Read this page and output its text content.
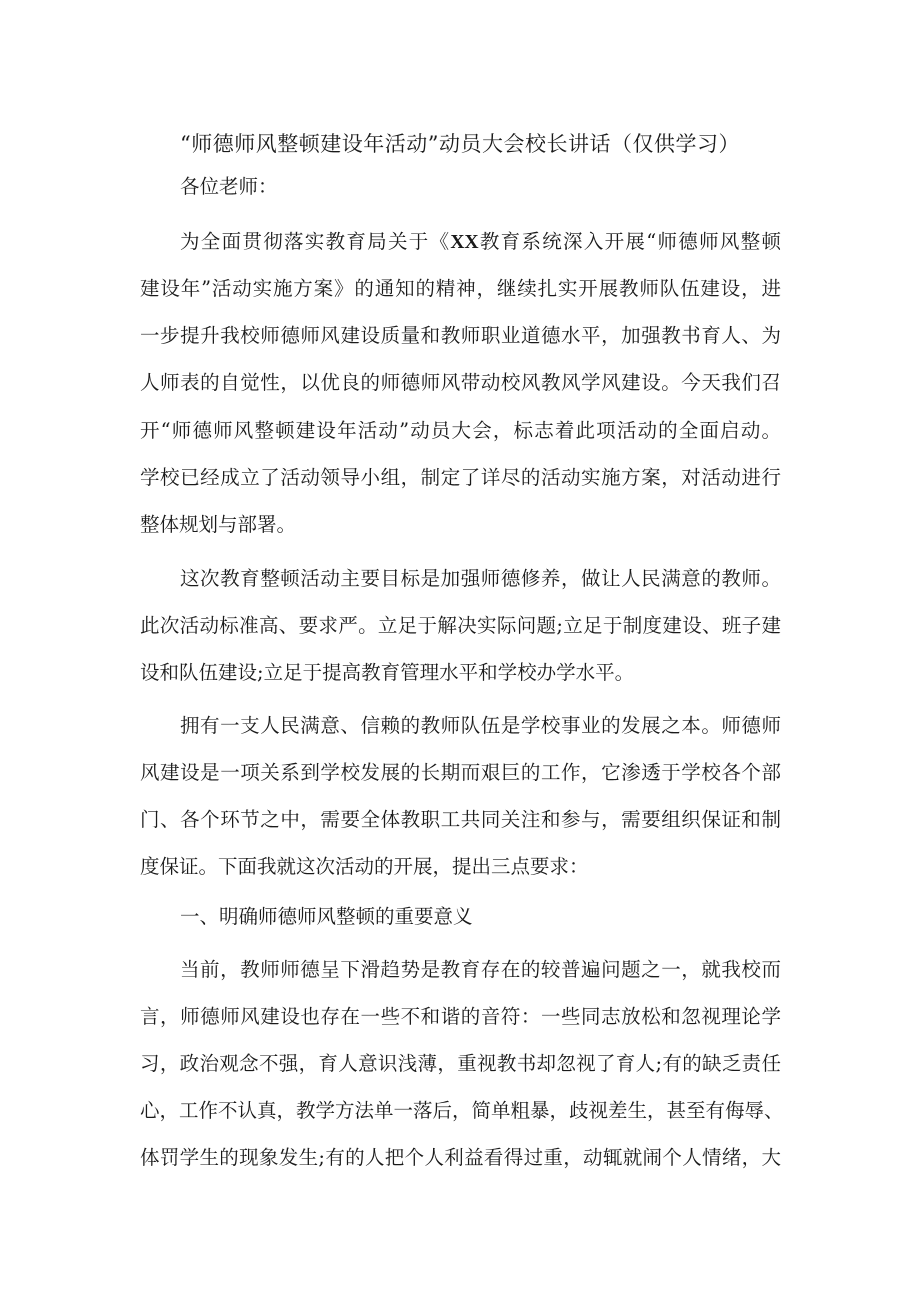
“师德师风整顿建设年活动”动员大会校长讲话（仅供学习）
各位老师：
为全面贯彻落实教育局关于《XX教育系统深入开展“师德师风整顿
建设年”活动实施方案》的通知的精神，继续扎实开展教师队伍建设，进
一步提升我校师德师风建设质量和教师职业道德水平，加强教书育人、为
人师表的自觉性，以优良的师德师风带动校风教风学风建设。今天我们召
开“师德师风整顿建设年活动”动员大会，标志着此项活动的全面启动。
学校已经成立了活动领导小组，制定了详尽的活动实施方案，对活动进行
整体规划与部署。
这次教育整顿活动主要目标是加强师德修养，做让人民满意的教师。
此次活动标准高、要求严。立足于解决实际问题;立足于制度建设、班子建
设和队伍建设;立足于提高教育管理水平和学校办学水平。
拥有一支人民满意、信赖的教师队伍是学校事业的发展之本。师德师
风建设是一项关系到学校发展的长期而艰巨的工作，它渗透于学校各个部
门、各个环节之中，需要全体教职工共同关注和参与，需要组织保证和制
度保证。下面我就这次活动的开展，提出三点要求：
一、明确师德师风整顿的重要意义
当前，教师师德呈下滑趋势是教育存在的较普遍问题之一，就我校而
言，师德师风建设也存在一些不和谐的音符：一些同志放松和忽视理论学
习，政治观念不强，育人意识浅薄，重视教书却忽视了育人;有的缺乏责任
心，工作不认真，教学方法单一落后，简单粗暴，歧视差生，甚至有侮辱、
体罚学生的现象发生;有的人把个人利益看得过重，动辄就闹个人情绪，大
